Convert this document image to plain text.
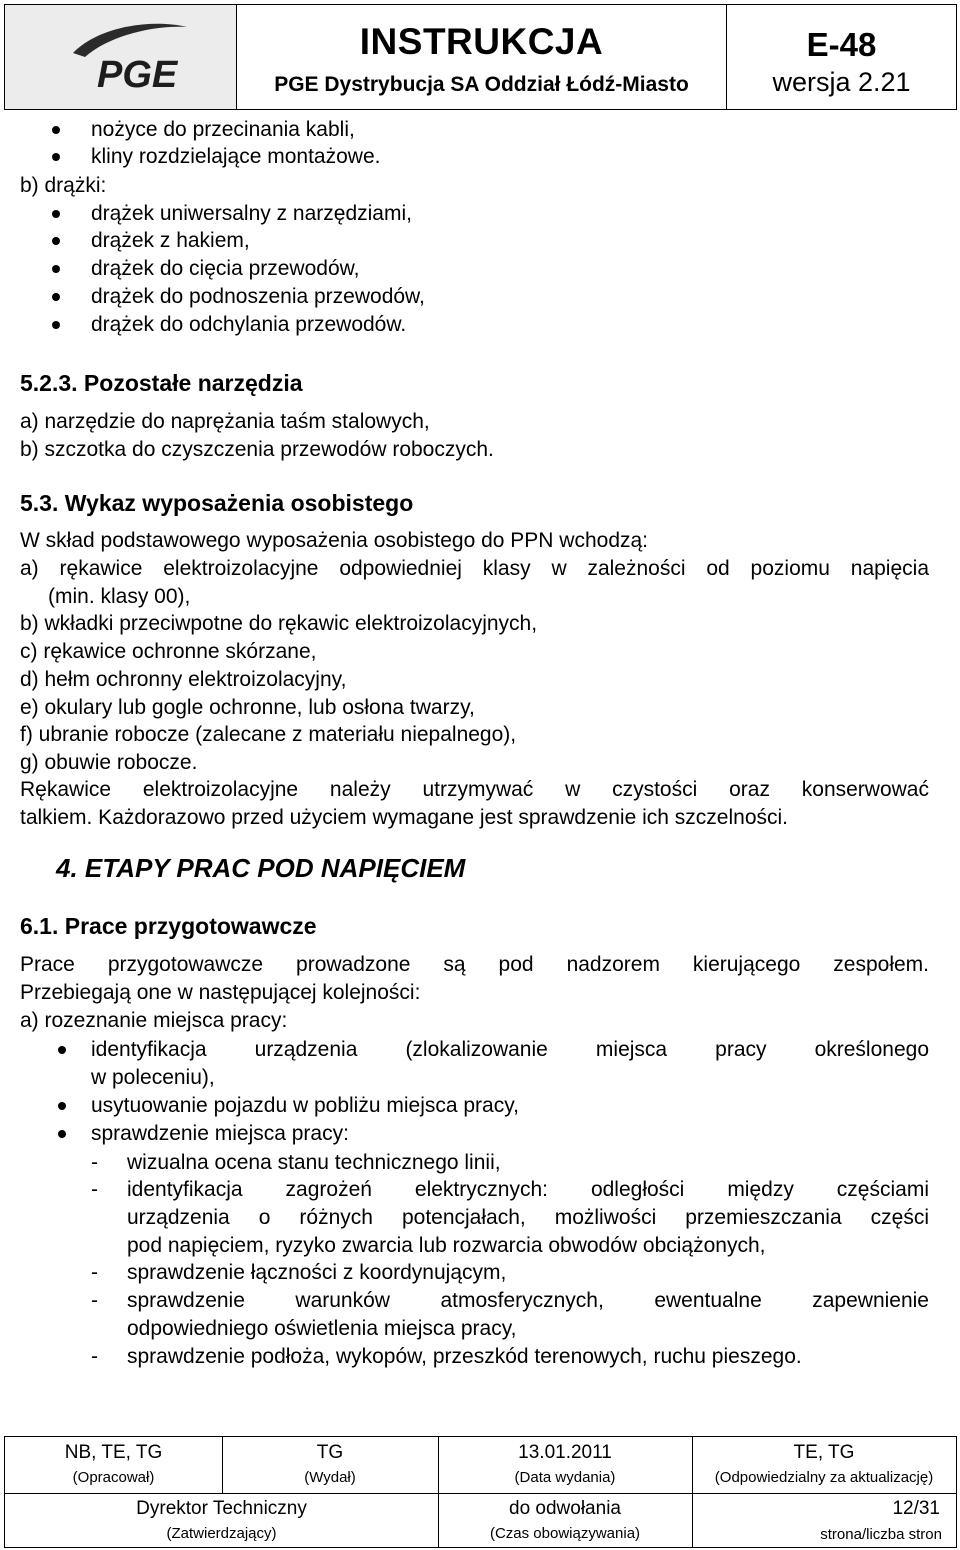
PGE
INSTRUKCJA
PGE Dystrybucja SA Oddział Łódź-Miasto
E-48
wersja 2.21
nożyce do przecinania kabli,
kliny rozdzielające montażowe.
b) drążki:
drążek uniwersalny z narzędziami,
drążek z hakiem,
drążek do cięcia przewodów,
drążek do podnoszenia przewodów,
drążek do odchylania przewodów.
5.2.3. Pozostałe narzędzia
a) narzędzie do naprężania taśm stalowych,
b) szczotka do czyszczenia przewodów roboczych.
5.3. Wykaz wyposażenia osobistego
W skład podstawowego wyposażenia osobistego do PPN wchodzą:
a) rękawice elektroizolacyjne odpowiedniej klasy w zależności od poziomu napięcia
(min. klasy 00),
b) wkładki przeciwpotne do rękawic elektroizolacyjnych,
c) rękawice ochronne skórzane,
d) hełm ochronny elektroizolacyjny,
e) okulary lub gogle ochronne, lub osłona twarzy,
f) ubranie robocze (zalecane z materiału niepalnego),
g) obuwie robocze.
Rękawice elektroizolacyjne należy utrzymywać w czystości oraz konserwować
talkiem. Każdorazowo przed użyciem wymagane jest sprawdzenie ich szczelności.
4. ETAPY PRAC POD NAPIĘCIEM
6.1. Prace przygotowawcze
Prace przygotowawcze prowadzone są pod nadzorem kierującego zespołem.
Przebiegają one w następującej kolejności:
a) rozeznanie miejsca pracy:
identyfikacja urządzenia (zlokalizowanie miejsca pracy określonego
w poleceniu),
usytuowanie pojazdu w pobliżu miejsca pracy,
sprawdzenie miejsca pracy:
- wizualna ocena stanu technicznego linii,
- identyfikacja zagrożeń elektrycznych: odległości między częściami
urządzenia o różnych potencjałach, możliwości przemieszczania części
pod napięciem, ryzyko zwarcia lub rozwarcia obwodów obciążonych,
- sprawdzenie łączności z koordynującym,
- sprawdzenie warunków atmosferycznych, ewentualne zapewnienie
odpowiedniego oświetlenia miejsca pracy,
- sprawdzenie podłoża, wykopów, przeszkód terenowych, ruchu pieszego.
NB, TE, TG
(Opracował)
TG
(Wydał)
13.01.2011
(Data wydania)
TE, TG
(Odpowiedzialny za aktualizację)
Dyrektor Techniczny
(Zatwierdzający)
do odwołania
(Czas obowiązywania)
12/31
strona/liczba stron
